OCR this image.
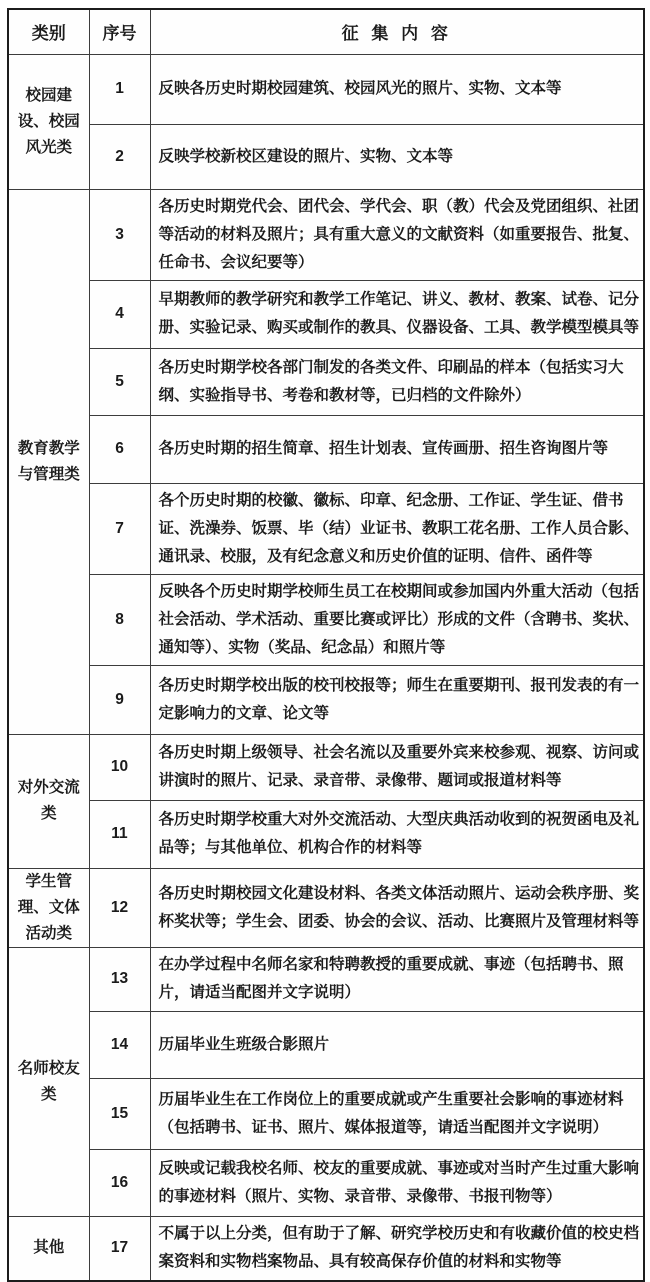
类别	序号	征 集 内 容
校园建设、校园风光类	1	反映各历史时期校园建筑、校园风光的照片、实物、文本等
	2	反映学校新校区建设的照片、实物、文本等
教育教学与管理类	3	各历史时期党代会、团代会、学代会、职（教）代会及党团组织、社团等活动的材料及照片；具有重大意义的文献资料（如重要报告、批复、任命书、会议纪要等）
	4	早期教师的教学研究和教学工作笔记、讲义、教材、教案、试卷、记分册、实验记录、购买或制作的教具、仪器设备、工具、教学模型模具等
	5	各历史时期学校各部门制发的各类文件、印刷品的样本（包括实习大纲、实验指导书、考卷和教材等，已归档的文件除外）
	6	各历史时期的招生简章、招生计划表、宣传画册、招生咨询图片等
	7	各个历史时期的校徽、徽标、印章、纪念册、工作证、学生证、借书证、洗澡券、饭票、毕（结）业证书、教职工花名册、工作人员合影、通讯录、校服，及有纪念意义和历史价值的证明、信件、函件等
	8	反映各个历史时期学校师生员工在校期间或参加国内外重大活动（包括社会活动、学术活动、重要比赛或评比）形成的文件（含聘书、奖状、通知等）、实物（奖品、纪念品）和照片等
	9	各历史时期学校出版的校刊校报等；师生在重要期刊、报刊发表的有一定影响力的文章、论文等
对外交流类	10	各历史时期上级领导、社会名流以及重要外宾来校参观、视察、访问或讲演时的照片、记录、录音带、录像带、题词或报道材料等
	11	各历史时期学校重大对外交流活动、大型庆典活动收到的祝贺函电及礼品等；与其他单位、机构合作的材料等
学生管理、文体活动类	12	各历史时期校园文化建设材料、各类文体活动照片、运动会秩序册、奖杯奖状等；学生会、团委、协会的会议、活动、比赛照片及管理材料等
名师校友类	13	在办学过程中名师名家和特聘教授的重要成就、事迹（包括聘书、照片，请适当配图并文字说明）
	14	历届毕业生班级合影照片
	15	历届毕业生在工作岗位上的重要成就或产生重要社会影响的事迹材料（包括聘书、证书、照片、媒体报道等，请适当配图并文字说明）
	16	反映或记载我校名师、校友的重要成就、事迹或对当时产生过重大影响的事迹材料（照片、实物、录音带、录像带、书报刊物等）
其他	17	不属于以上分类，但有助于了解、研究学校历史和有收藏价值的校史档案资料和实物档案物品、具有较高保存价值的材料和实物等
